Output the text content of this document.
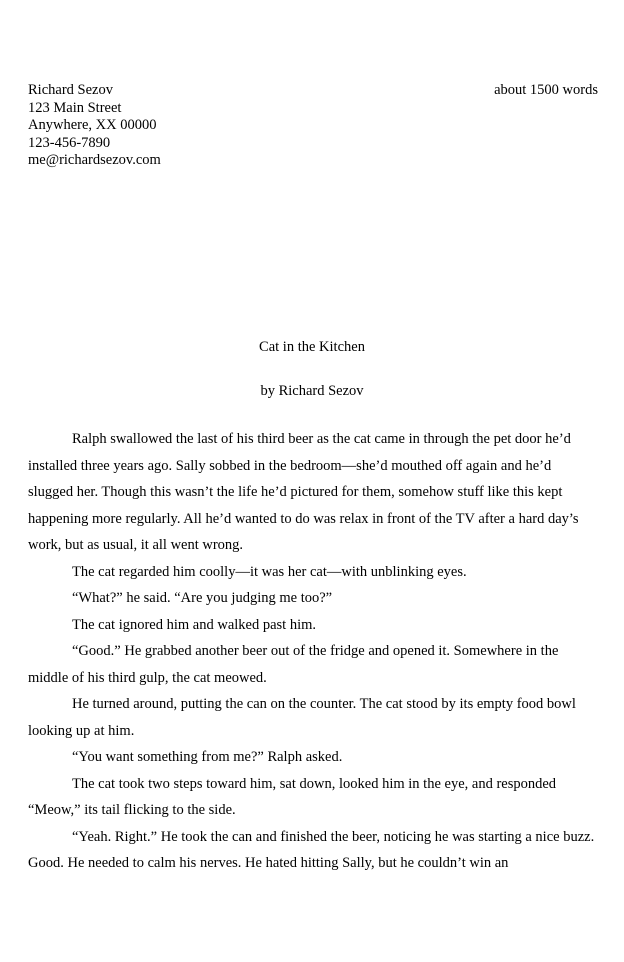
Richard Sezov
123 Main Street
Anywhere, XX 00000
123-456-7890
me@richardsezov.com
about 1500 words
Cat in the Kitchen
by Richard Sezov

Ralph swallowed the last of his third beer as the cat came in through the pet door he’d installed three years ago. Sally sobbed in the bedroom—she’d mouthed off again and he’d slugged her. Though this wasn’t the life he’d pictured for them, somehow stuff like this kept happening more regularly. All he’d wanted to do was relax in front of the TV after a hard day’s work, but as usual, it all went wrong.

The cat regarded him coolly—it was her cat—with unblinking eyes.

“What?” he said. “Are you judging me too?”

The cat ignored him and walked past him.

“Good.” He grabbed another beer out of the fridge and opened it. Somewhere in the middle of his third gulp, the cat meowed.

He turned around, putting the can on the counter. The cat stood by its empty food bowl looking up at him.

“You want something from me?” Ralph asked.

The cat took two steps toward him, sat down, looked him in the eye, and responded “Meow,” its tail flicking to the side.

“Yeah. Right.” He took the can and finished the beer, noticing he was starting a nice buzz. Good. He needed to calm his nerves. He hated hitting Sally, but he couldn’t win an
